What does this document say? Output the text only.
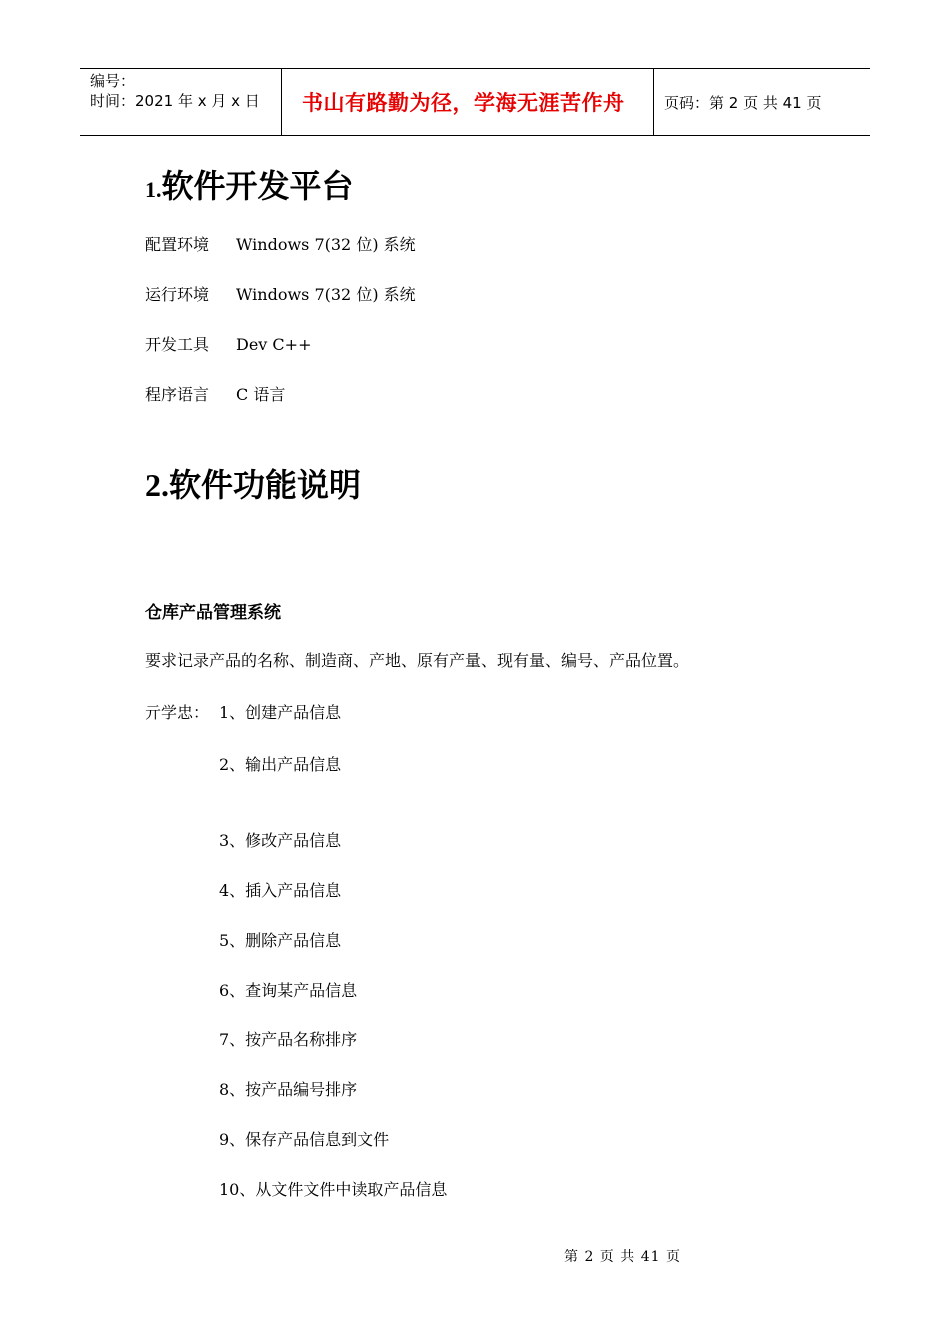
编号：
时间：2021 年 x 月 x 日	书山有路勤为径，学海无涯苦作舟	页码：第 2 页 共 41 页
1.软件开发平台
配置环境	Windows 7(32 位) 系统
运行环境	Windows 7(32 位) 系统
开发工具	Dev C++
程序语言	C 语言
2.软件功能说明
仓库产品管理系统
要求记录产品的名称、制造商、产地、原有产量、现有量、编号、产品位置。
亓学忠： 1、创建产品信息
2、输出产品信息
3、修改产品信息
4、插入产品信息
5、删除产品信息
6、查询某产品信息
7、按产品名称排序
8、按产品编号排序
9、保存产品信息到文件
10、从文件文件中读取产品信息
第 2 页 共 41 页
